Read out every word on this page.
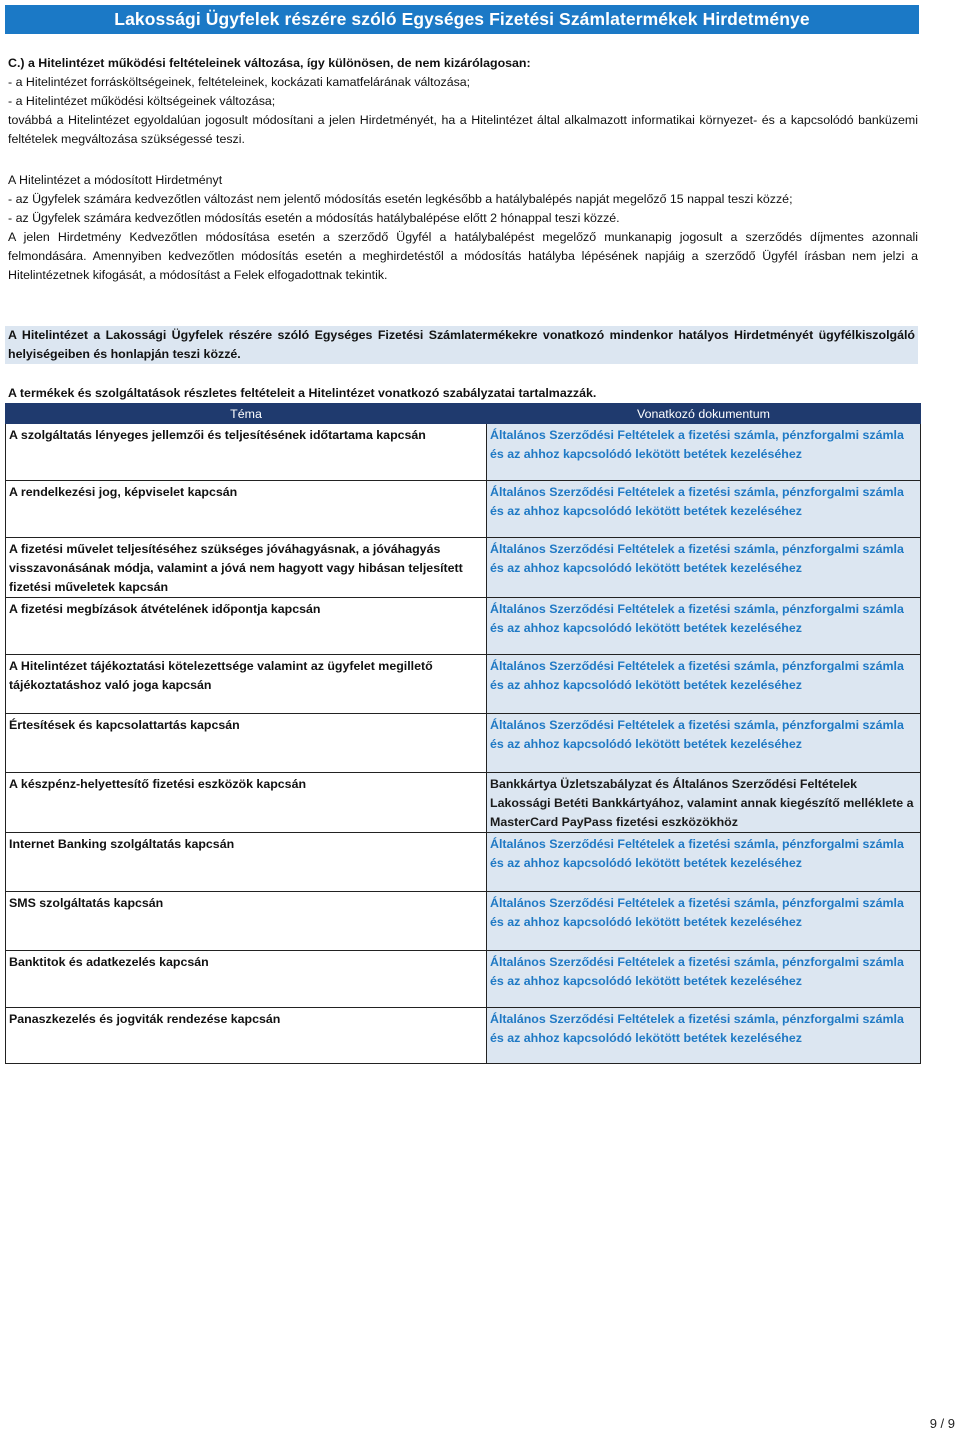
Lakossági Ügyfelek részére szóló Egységes Fizetési Számlatermékek Hirdetménye

C.) a Hitelintézet működési feltételeinek változása, így különösen, de nem kizárólagosan:

- a Hitelintézet forrásköltségeinek, feltételeinek, kockázati kamatfelárának változása;

- a Hitelintézet működési költségeinek változása;

továbbá a Hitelintézet egyoldalúan jogosult módosítani a jelen Hirdetményét, ha a Hitelintézet által alkalmazott informatikai környezet- és a kapcsolódó banküzemi feltételek megváltozása szükségessé teszi.

A Hitelintézet a módosított Hirdetményt

- az Ügyfelek számára kedvezőtlen változást nem jelentő módosítás esetén legkésőbb a hatálybalépés napját megelőző 15 nappal teszi közzé;

- az Ügyfelek számára kedvezőtlen módosítás esetén a módosítás hatálybalépése előtt 2 hónappal teszi közzé.

A jelen Hirdetmény Kedvezőtlen módosítása esetén a szerződő Ügyfél a hatálybalépést megelőző munkanapig jogosult a szerződés díjmentes azonnali felmondására. Amennyiben kedvezőtlen módosítás esetén a meghirdetéstől a módosítás hatályba lépésének napjáig a szerződő Ügyfél írásban nem jelzi a Hitelintézetnek kifogását, a módosítást a Felek elfogadottnak tekintik.

A Hitelintézet a Lakossági Ügyfelek részére szóló Egységes Fizetési Számlatermékekre vonatkozó mindenkor hatályos Hirdetményét ügyfélkiszolgáló helyiségeiben és honlapján teszi közzé.
A termékek és szolgáltatások részletes feltételeit a Hitelintézet vonatkozó szabályzatai tartalmazzák.
Téma	Vonatkozó dokumentum
A szolgáltatás lényeges jellemzői és teljesítésének időtartama kapcsán	Általános Szerződési Feltételek a fizetési számla, pénzforgalmi számla és az ahhoz kapcsolódó lekötött betétek kezeléséhez
A rendelkezési jog, képviselet kapcsán	Általános Szerződési Feltételek a fizetési számla, pénzforgalmi számla és az ahhoz kapcsolódó lekötött betétek kezeléséhez
A fizetési művelet teljesítéséhez szükséges jóváhagyásnak, a jóváhagyás visszavonásának módja, valamint a jóvá nem hagyott vagy hibásan teljesített fizetési műveletek kapcsán	Általános Szerződési Feltételek a fizetési számla, pénzforgalmi számla és az ahhoz kapcsolódó lekötött betétek kezeléséhez
A fizetési megbízások átvételének időpontja kapcsán	Általános Szerződési Feltételek a fizetési számla, pénzforgalmi számla és az ahhoz kapcsolódó lekötött betétek kezeléséhez
A Hitelintézet tájékoztatási kötelezettsége valamint az ügyfelet megillető tájékoztatáshoz való joga kapcsán	Általános Szerződési Feltételek a fizetési számla, pénzforgalmi számla és az ahhoz kapcsolódó lekötött betétek kezeléséhez
Értesítések és kapcsolattartás kapcsán	Általános Szerződési Feltételek a fizetési számla, pénzforgalmi számla és az ahhoz kapcsolódó lekötött betétek kezeléséhez
A készpénz-helyettesítő fizetési eszközök kapcsán	Bankkártya Üzletszabályzat és Általános Szerződési Feltételek Lakossági Betéti Bankkártyához, valamint annak kiegészítő melléklete a MasterCard PayPass fizetési eszközökhöz
Internet Banking szolgáltatás kapcsán	Általános Szerződési Feltételek a fizetési számla, pénzforgalmi számla és az ahhoz kapcsolódó lekötött betétek kezeléséhez
SMS szolgáltatás kapcsán	Általános Szerződési Feltételek a fizetési számla, pénzforgalmi számla és az ahhoz kapcsolódó lekötött betétek kezeléséhez
Banktitok és adatkezelés kapcsán	Általános Szerződési Feltételek a fizetési számla, pénzforgalmi számla és az ahhoz kapcsolódó lekötött betétek kezeléséhez
Panaszkezelés és jogviták rendezése kapcsán	Általános Szerződési Feltételek a fizetési számla, pénzforgalmi számla és az ahhoz kapcsolódó lekötött betétek kezeléséhez
9 / 9
